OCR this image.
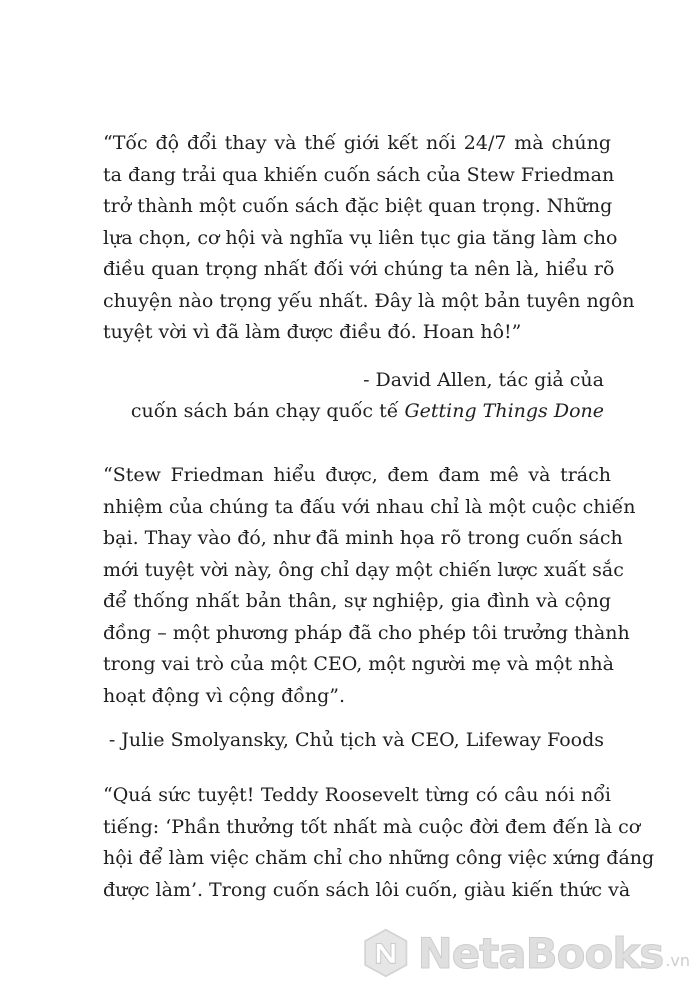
“Tốc độ đổi thay và thế giới kết nối 24/7 mà chúng
ta đang trải qua khiến cuốn sách của Stew Friedman
trở thành một cuốn sách đặc biệt quan trọng. Những
lựa chọn, cơ hội và nghĩa vụ liên tục gia tăng làm cho
điều quan trọng nhất đối với chúng ta nên là, hiểu rõ
chuyện nào trọng yếu nhất. Đây là một bản tuyên ngôn
tuyệt vời vì đã làm được điều đó. Hoan hô!”

- David Allen, tác giả của
cuốn sách bán chạy quốc tế Getting Things Done

“Stew Friedman hiểu được, đem đam mê và trách
nhiệm của chúng ta đấu với nhau chỉ là một cuộc chiến
bại. Thay vào đó, như đã minh họa rõ trong cuốn sách
mới tuyệt vời này, ông chỉ dạy một chiến lược xuất sắc
để thống nhất bản thân, sự nghiệp, gia đình và cộng
đồng – một phương pháp đã cho phép tôi trưởng thành
trong vai trò của một CEO, một người mẹ và một nhà
hoạt động vì cộng đồng”.

- Julie Smolyansky, Chủ tịch và CEO, Lifeway Foods

“Quá sức tuyệt! Teddy Roosevelt từng có câu nói nổi
tiếng: ‘Phần thưởng tốt nhất mà cuộc đời đem đến là cơ
hội để làm việc chăm chỉ cho những công việc xứng đáng
được làm’. Trong cuốn sách lôi cuốn, giàu kiến thức và

NetaBooks .vn
